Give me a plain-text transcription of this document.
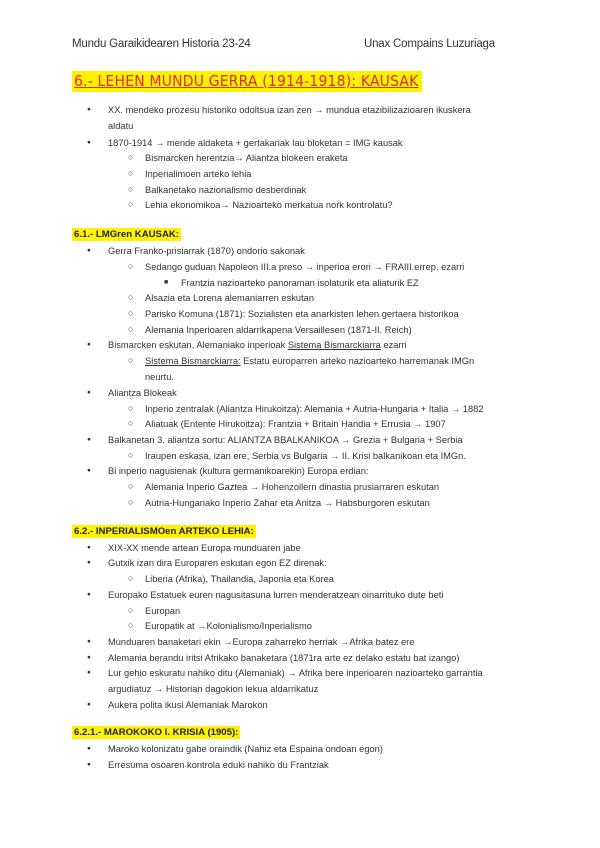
Mundu Garaikidearen Historia 23-24	Unax Compains Luzuriaga
6.- LEHEN MUNDU GERRA (1914-1918): KAUSAK
● XX. mendeko prozesu historiko odoltsua izan zen → mundua etazibilizazioaren ikuskera
aldatu
● 1870-1914 → mende aldaketa + gertakariak lau bloketan = IMG kausak
○ Bismarcken herentzia→ Aliantza blokeen eraketa
○ Inperialimoen arteko lehia
○ Balkanetako nazionalismo desberdinak
○ Lehia ekonomikoa→ Nazioarteko merkatua nork kontrolatu?
6.1.- LMGren KAUSAK:
● Gerra Franko-prisiarrak (1870) ondorio sakonak
○ Sedango guduan Napoleon III.a preso → inperioa erori → FRAIII.errep. ezarri
■ Frantzia nazioarteko panoraman isolaturik eta aliaturik EZ
○ Alsazia eta Lorena alemaniarren eskutan
○ Parisko Komuna (1871): Sozialisten eta anarkisten lehen gertaera historikoa
○ Alemania Inperioaren aldarrikapena Versaillesen (1871-II. Reich)
● Bismarcken eskutan, Alemaniako inperioak Sistema Bismarckiarra ezarri
○ Sistema Bismarckiarra: Estatu europarren arteko nazioarteko harremanak IMGn
neurtu.
● Aliantza Blokeak
○ Inperio zentralak (Aliantza Hirukoitza): Alemania + Autria-Hungaria + Italia → 1882
○ Aliatuak (Entente Hirukoitza): Frantzia + Britain Handia + Errusia → 1907
● Balkanetan 3. aliantza sortu: ALIANTZA BBALKANIKOA → Grezia + Bulgaria + Serbia
○ Iraupen eskasa, izan ere, Serbia vs Bulgaria → II. Krisi balkanikoan eta IMGn.
● Bi inperio nagusienak (kultura germanikoarekin) Europa erdian:
○ Alemania Inperio Gaztea → Hohenzollern dinastia prusiarraren eskutan
○ Autria-Hungariako Inperio Zahar eta Anitza → Habsburgoren eskutan
6.2.- INPERIALISMOen ARTEKO LEHIA:
● XIX-XX mende artean Europa munduaren jabe
● Gutxik izan dira Europaren eskutan egon EZ direnak:
○ Liberia (Afrika), Thailandia, Japonia eta Korea
● Europako Estatuek euren nagusitasuna lurren menderatzean oinarrituko dute beti
○ Europan
○ Europatik at →Kolonialismo/Inperialismo
● Munduaren banaketari ekin →Europa zaharreko herriak →Afrika batez ere
● Alemania berandu iritsi Afrikako banaketara (1871ra arte ez delako estatu bat izango)
● Lur gehio eskuratu nahiko ditu (Alemaniak) → Afrika bere inperioaren nazioarteko garrantia
argudiatuz → Historian dagokion lekua aldarrikatuz
● Aukera polita ikusi Alemaniak Marokon
6.2.1.- MAROKOKO I. KRISIA (1905):
● Maroko kolonizatu gabe oraindik (Nahiz eta Espaina ondoan egon)
● Erresuma osoaren kontrola eduki nahiko du Frantziak
